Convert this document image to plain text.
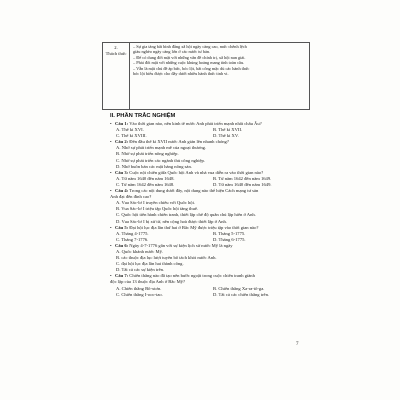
2.
Thách thức
– Sự gia tăng bất bình đẳng xã hội ngày càng cao, mức chênh lệch
giàu nghèo ngày càng lớn ở các nước tư bản.
– Để có dung đời mặt với những vấn đề chính trị, xã hội nan giải.
– Phải đối mặt với những cuộc khủng hoảng mang tính toàn cầu.
– Vẫn là mặt chủ đề áp bức, bóc lột, bất công mặc dù các hành thức
bóc lột biểu được cho đây dưới nhiều hành thức tinh vi.
II. PHẦN TRẮC NGHIỆM
• Câu 1: Vào thời gian nào, nền kinh tế nước Anh phát triển mạnh nhất châu Âu?
A. Thế kỉ XVI.	B. Thế kỉ XVII.
C. Thế kỉ XVIII.	D. Thế kỉ XV.
• Câu 2: Đến đầu thế kỉ XVII nước Anh gián lên nhanh chóng?
A. Nhờ sự phát triển mạnh mẽ của ngoại thương.
B. Nhờ sự phát triển nông nghiệp.
C. Nhờ sự phát triển các ngành thủ công nghiệp.
D. Nhờ buôn bán các mặt hàng nông sản.
• Câu 3: Cuộc nội chiến giữa Quốc hội Anh và nhà vua diễn ra vào thời gian nào?
A. Từ năm 1640 đến năm 1648.	B. Từ năm 1642 đến năm 1649.
C. Từ năm 1642 đến năm 1648.	D. Từ năm 1640 đến năm 1649.
• Câu 4: Trong các nội dung dưới đây, nội dung nào thể hiện Cách mạng tư sản
Anh đạt đến đỉnh cao?
A. Vua Sác-lơ I truyền chiếu với Quốc hội.
B. Vua Sác-lơ I triệu tập Quốc hội tăng thuế.
C. Quốc hội tiến hành chiến tranh, thiết lập chế độ quân chủ lập hiến ở Anh.
D. Vua Sác-lơ I bị xử tử, nền cộng hoà được thiết lập ở Anh.
• Câu 5: Đại hội lục địa lần thứ hai ở Bắc Mỹ được triệu tập vào thời gian nào?
A. Tháng 4-1775.	B. Tháng 5-1775.
C. Tháng 7-1776.	D. Tháng 6-1775.
• Câu 6: Ngày 4-7-1776 gắn với sự kiện lịch sử nước Mỹ là ngày
A. Quốc khánh nước Mỹ.
B. các thuộc địa lục lượt tuyên bố tách khỏi nước Anh.
C. đại hội lục địa lần hai thành công.
D. Tất cả các sự kiện trên.
• Câu 7: Chiến thắng nào đã tạo nên bước ngoặt trong cuộc chiến tranh giành
độc lập của 13 thuộc địa Anh ở Bắc Mỹ?
A. Chiến thắng Bô-xtơn.	B. Chiến thắng Xa-ra-tô-ga.
C. Chiến thắng I-ooc-tao.	D. Tất cả các chiến thắng trên.
7
